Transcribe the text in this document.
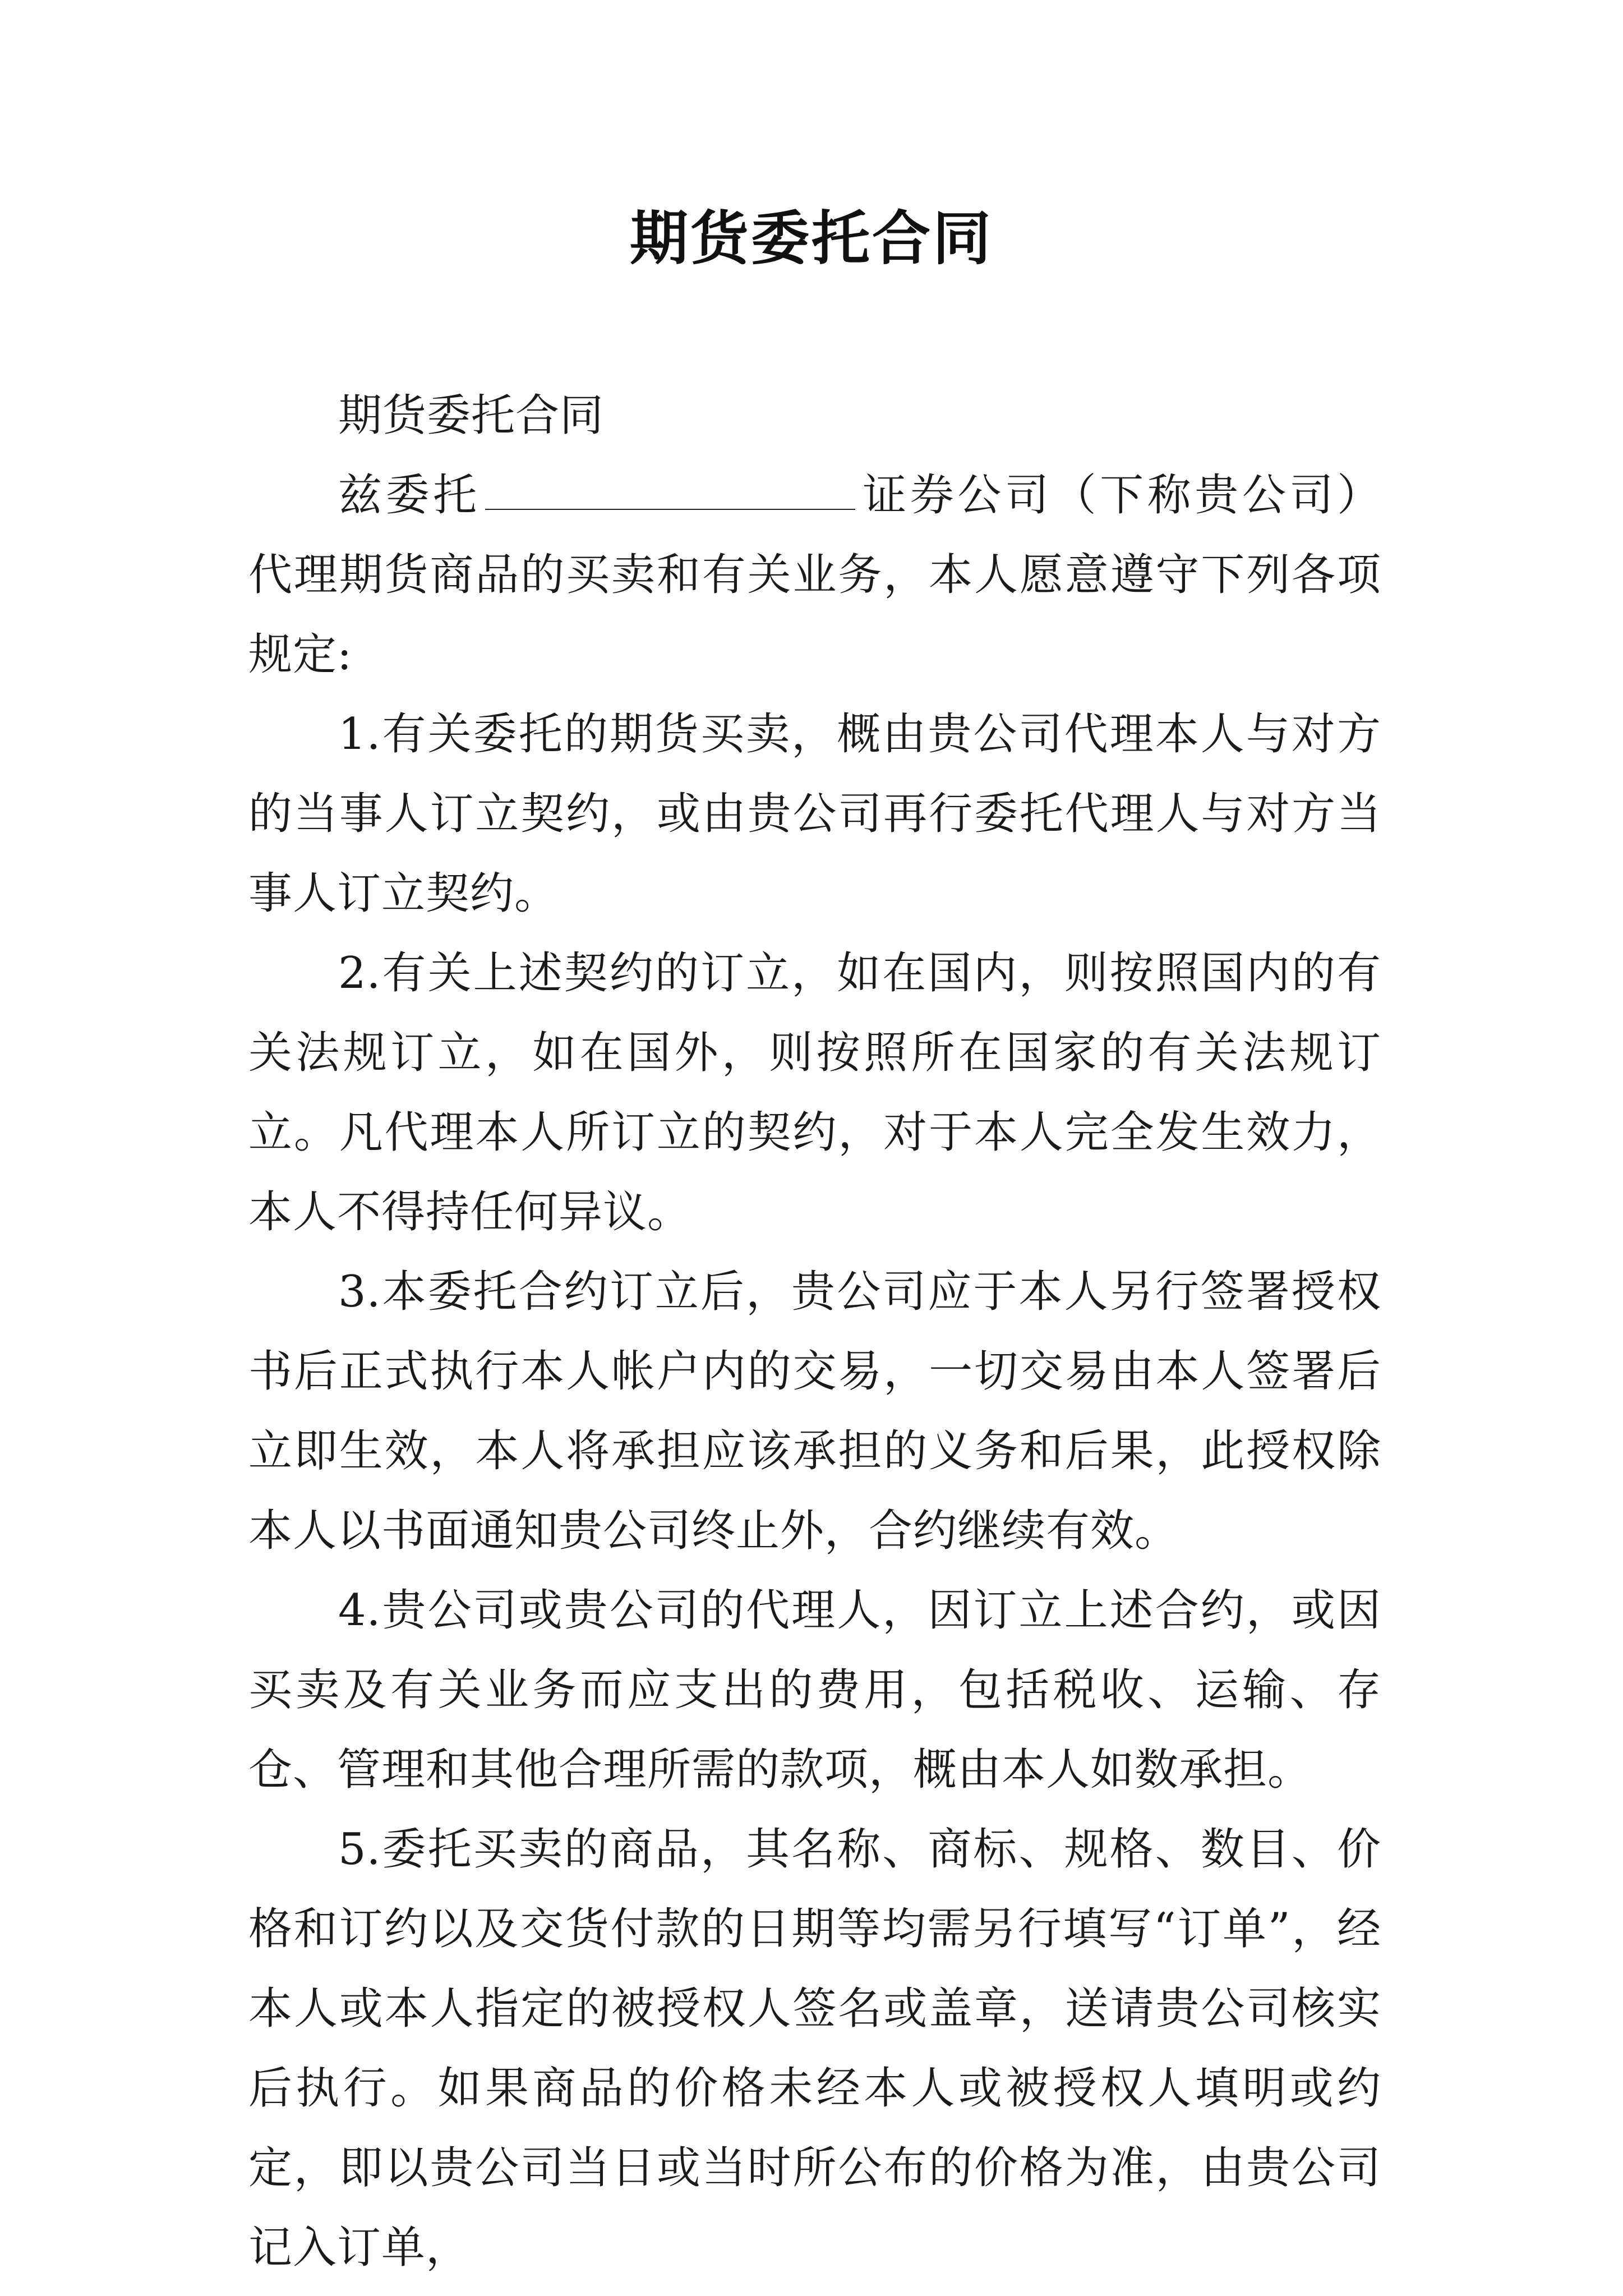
期货委托合同

期货委托合同

兹委托	证券公司（下称贵公司）代理期货商品的买卖和有关业务，本人愿意遵守下列各项规定:

1.有关委托的期货买卖，概由贵公司代理本人与对方的当事人订立契约，或由贵公司再行委托代理人与对方当事人订立契约。

2.有关上述契约的订立，如在国内，则按照国内的有关法规订立，如在国外，则按照所在国家的有关法规订立。凡代理本人所订立的契约，对于本人完全发生效力，本人不得持任何异议。

3.本委托合约订立后，贵公司应于本人另行签署授权书后正式执行本人帐户内的交易，一切交易由本人签署后立即生效，本人将承担应该承担的义务和后果，此授权除本人以书面通知贵公司终止外，合约继续有效。

4.贵公司或贵公司的代理人，因订立上述合约，或因买卖及有关业务而应支出的费用，包括税收、运输、存仓、管理和其他合理所需的款项，概由本人如数承担。

5.委托买卖的商品，其名称、商标、规格、数目、价格和订约以及交货付款的日期等均需另行填写“订单”，经本人或本人指定的被授权人签名或盖章，送请贵公司核实后执行。如果商品的价格未经本人或被授权人填明或约定，即以贵公司当日或当时所公布的价格为准，由贵公司记入订单，
